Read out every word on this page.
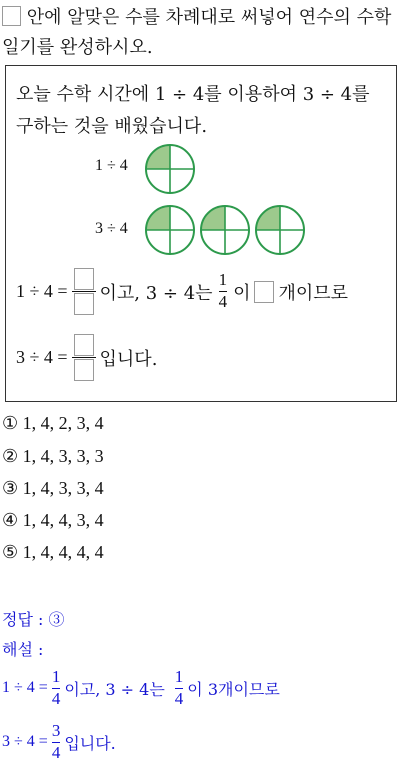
안에 알맞은 수를 차례대로 써넣어 연수의 수학
일기를 완성하시오.
오늘 수학 시간에 1 ÷ 4를 이용하여 3 ÷ 4를
구하는 것을 배웠습니다.
1 ÷ 4
3 ÷ 4
1 ÷ 4 = 이고, 3 ÷ 4는 $\frac{1}{4}$ 이 개이므로
3 ÷ 4 = 입니다.
① 1, 4, 2, 3, 4
② 1, 4, 3, 3, 3
③ 1, 4, 3, 3, 4
④ 1, 4, 4, 3, 4
⑤ 1, 4, 4, 4, 4
정답 : ③
해설 :
$1 \div 4 = \frac{1}{4}$ 이고, 3 ÷ 4는 $\frac{1}{4}$ 이 3개이므로
$3 \div 4 = \frac{3}{4}$ 입니다.
